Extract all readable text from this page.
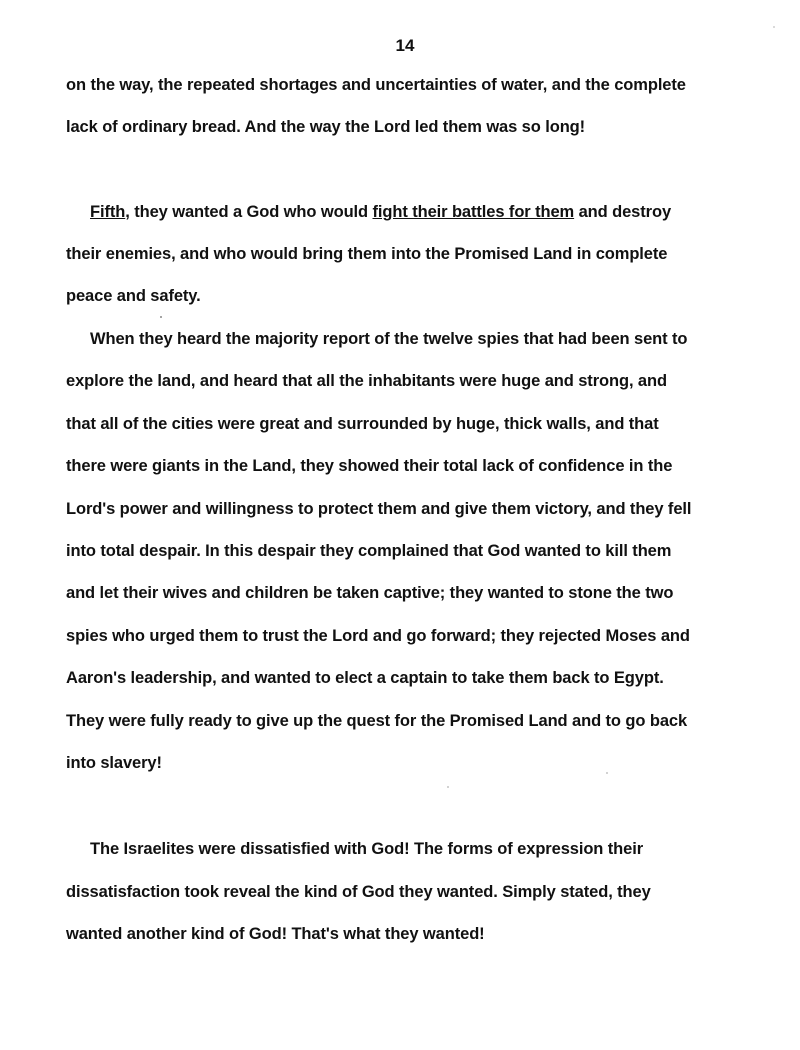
14
on the way, the repeated shortages and uncertainties of water, and the complete
lack of ordinary bread. And the way the Lord led them was so long!
Fifth, they wanted a God who would fight their battles for them and destroy
their enemies, and who would bring them into the Promised Land in complete
peace and safety.
When they heard the majority report of the twelve spies that had been sent to
explore the land, and heard that all the inhabitants were huge and strong, and
that all of the cities were great and surrounded by huge, thick walls, and that
there were giants in the Land, they showed their total lack of confidence in the
Lord's power and willingness to protect them and give them victory, and they fell
into total despair. In this despair they complained that God wanted to kill them
and let their wives and children be taken captive; they wanted to stone the two
spies who urged them to trust the Lord and go forward; they rejected Moses and
Aaron's leadership, and wanted to elect a captain to take them back to Egypt.
They were fully ready to give up the quest for the Promised Land and to go back
into slavery!
The Israelites were dissatisfied with God! The forms of expression their
dissatisfaction took reveal the kind of God they wanted. Simply stated, they
wanted another kind of God! That's what they wanted!
